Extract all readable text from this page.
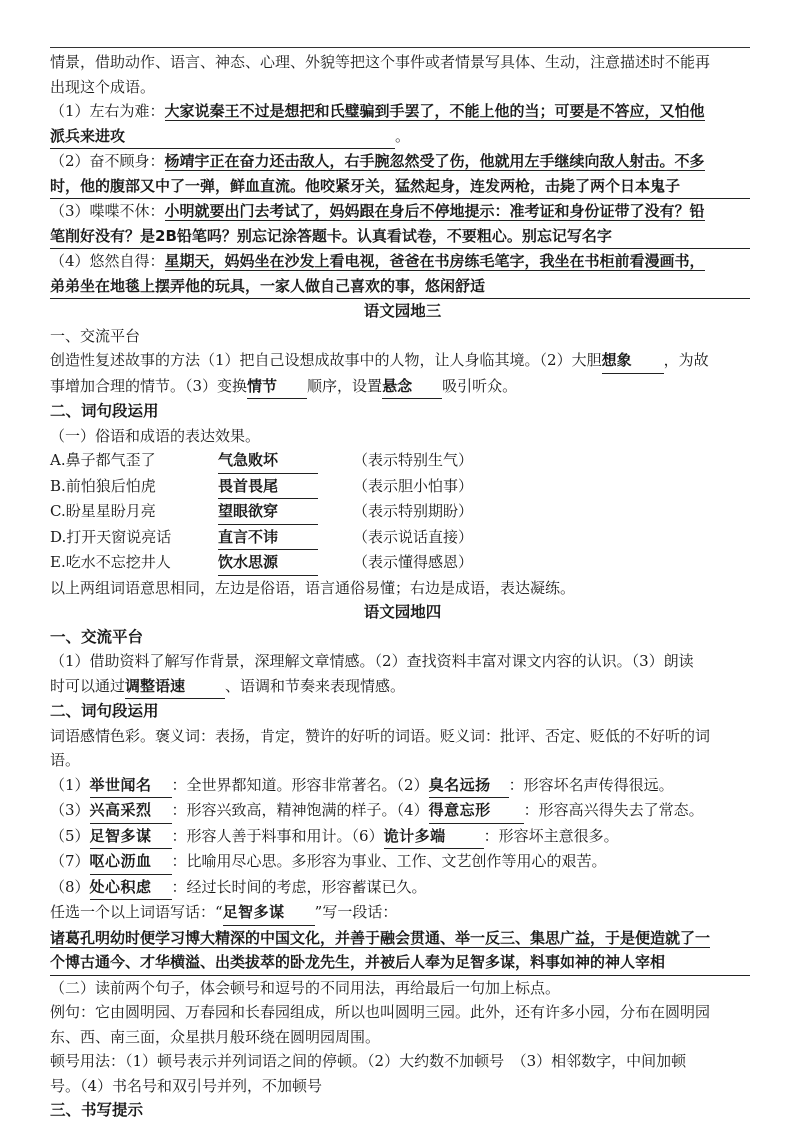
情景，借助动作、语言、神态、心理、外貌等把这个事件或者情景写具体、生动，注意描述时不能再
出现这个成语。
（1）左右为难：大家说秦王不过是想把和氏璧骗到手罢了，不能上他的当；可要是不答应，又怕他
派兵来进攻	。
（2）奋不顾身：杨靖宇正在奋力还击敌人，右手腕忽然受了伤，他就用左手继续向敌人射击。不多
时，他的腹部又中了一弹，鲜血直流。他咬紧牙关，猛然起身，连发两枪，击毙了两个日本鬼子
（3）喋喋不休：小明就要出门去考试了，妈妈跟在身后不停地提示：准考证和身份证带了没有？铅
笔削好没有？是2B铅笔吗？别忘记涂答题卡。认真看试卷，不要粗心。别忘记写名字
（4）悠然自得：星期天，妈妈坐在沙发上看电视，爸爸在书房练毛笔字，我坐在书柜前看漫画书，
弟弟坐在地毯上摆弄他的玩具，一家人做自己喜欢的事，悠闲舒适
语文园地三
一、交流平台
创造性复述故事的方法（1）把自己设想成故事中的人物，让人身临其境。（2）大胆想象 ，为故
事增加合理的情节。（3）变换情节 顺序，设置悬念 吸引听众。
二、词句段运用
（一）俗语和成语的表达效果。
A.鼻子都气歪了	气急败坏	（表示特别生气）
B.前怕狼后怕虎	畏首畏尾	（表示胆小怕事）
C.盼星星盼月亮	望眼欲穿	（表示特别期盼）
D.打开天窗说亮话	直言不讳	（表示说话直接）
E.吃水不忘挖井人	饮水思源	（表示懂得感恩）
以上两组词语意思相同，左边是俗语，语言通俗易懂；右边是成语，表达凝练。
语文园地四
一、交流平台
（1）借助资料了解写作背景，深理解文章情感。（2）查找资料丰富对课文内容的认识。（3）朗读
时可以通过调整语速	、语调和节奏来表现情感。
二、词句段运用
词语感情色彩。褒义词：表扬，肯定，赞许的好听的词语。贬义词：批评、否定、贬低的不好听的词
语。
（1）举世闻名 ：全世界都知道。形容非常著名。（2）臭名远扬 ：形容坏名声传得很远。
（3）兴高采烈 ：形容兴致高，精神饱满的样子。（4）得意忘形 ：形容高兴得失去了常态。
（5）足智多谋 ：形容人善于料事和用计。（6）诡计多端	：形容坏主意很多。
（7）呕心沥血 ：比喻用尽心思。多形容为事业、工作、文艺创作等用心的艰苦。
（8）处心积虑 ：经过长时间的考虑，形容蓄谋已久。
任选一个以上词语写话：“足智多谋 ”写一段话：
诸葛孔明幼时便学习博大精深的中国文化，并善于融会贯通、举一反三、集思广益，于是便造就了一
个博古通今、才华横溢、出类拔萃的卧龙先生，并被后人奉为足智多谋，料事如神的神人宰相
（二）读前两个句子，体会顿号和逗号的不同用法，再给最后一句加上标点。
例句：它由圆明园、万春园和长春园组成，所以也叫圆明三园。此外，还有许多小园，分布在圆明园
东、西、南三面，众星拱月般环绕在圆明园周围。
顿号用法：（1）顿号表示并列词语之间的停顿。（2）大约数不加顿号　（3）相邻数字，中间加顿
号。（4）书名号和双引号并列，不加顿号
三、书写提示
